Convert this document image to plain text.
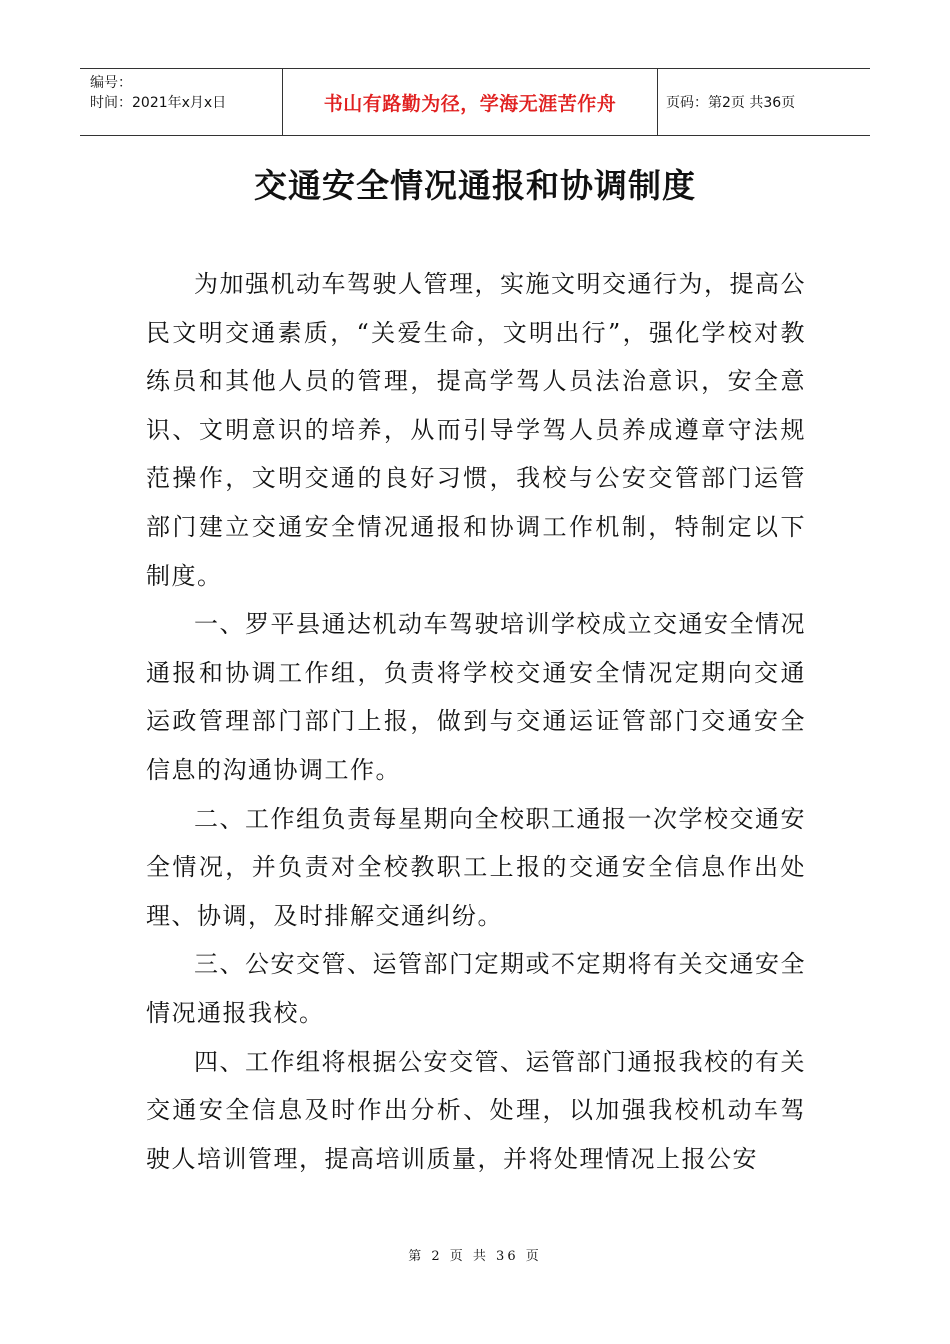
编号：
时间：2021年x月x日	书山有路勤为径，学海无涯苦作舟	页码：第2页 共36页
交通安全情况通报和协调制度

为加强机动车驾驶人管理，实施文明交通行为，提高公民文明交通素质，“关爱生命，文明出行”，强化学校对教练员和其他人员的管理，提高学驾人员法治意识，安全意识、文明意识的培养，从而引导学驾人员养成遵章守法规范操作，文明交通的良好习惯，我校与公安交管部门运管部门建立交通安全情况通报和协调工作机制，特制定以下制度。

一、罗平县通达机动车驾驶培训学校成立交通安全情况通报和协调工作组，负责将学校交通安全情况定期向交通运政管理部门部门上报，做到与交通运证管部门交通安全信息的沟通协调工作。

二、工作组负责每星期向全校职工通报一次学校交通安全情况，并负责对全校教职工上报的交通安全信息作出处理、协调，及时排解交通纠纷。

三、公安交管、运管部门定期或不定期将有关交通安全情况通报我校。

四、工作组将根据公安交管、运管部门通报我校的有关交通安全信息及时作出分析、处理，以加强我校机动车驾驶人培训管理，提高培训质量，并将处理情况上报公安

第 2 页 共 36 页
